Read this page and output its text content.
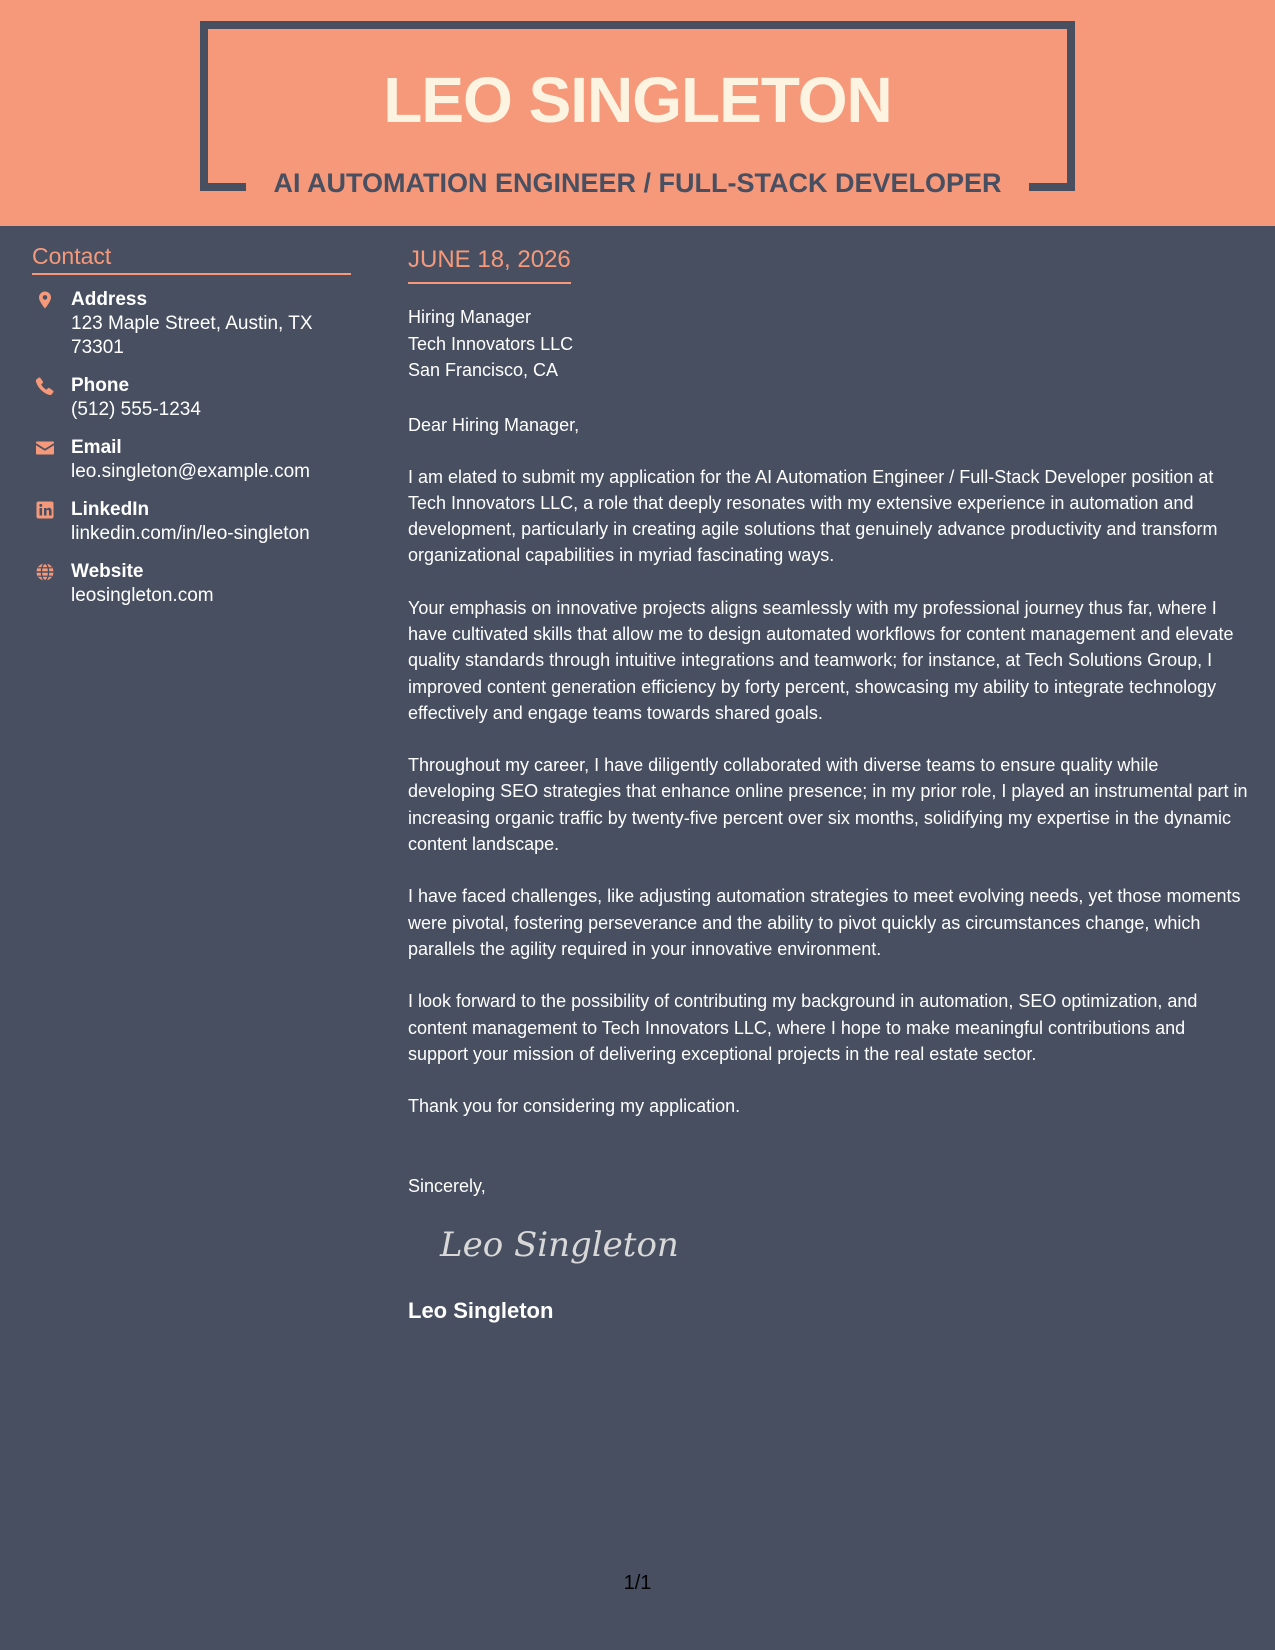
LEO SINGLETON
AI AUTOMATION ENGINEER / FULL-STACK DEVELOPER
Contact
Address
123 Maple Street, Austin, TX 73301
Phone
(512) 555-1234
Email
leo.singleton@example.com
LinkedIn
linkedin.com/in/leo-singleton
Website
leosingleton.com
JUNE 18, 2026
Hiring Manager
Tech Innovators LLC
San Francisco, CA
Dear Hiring Manager,
I am elated to submit my application for the AI Automation Engineer / Full-Stack Developer position at Tech Innovators LLC, a role that deeply resonates with my extensive experience in automation and development, particularly in creating agile solutions that genuinely advance productivity and transform organizational capabilities in myriad fascinating ways.
Your emphasis on innovative projects aligns seamlessly with my professional journey thus far, where I have cultivated skills that allow me to design automated workflows for content management and elevate quality standards through intuitive integrations and teamwork; for instance, at Tech Solutions Group, I improved content generation efficiency by forty percent, showcasing my ability to integrate technology effectively and engage teams towards shared goals.
Throughout my career, I have diligently collaborated with diverse teams to ensure quality while developing SEO strategies that enhance online presence; in my prior role, I played an instrumental part in increasing organic traffic by twenty-five percent over six months, solidifying my expertise in the dynamic content landscape.
I have faced challenges, like adjusting automation strategies to meet evolving needs, yet those moments were pivotal, fostering perseverance and the ability to pivot quickly as circumstances change, which parallels the agility required in your innovative environment.
I look forward to the possibility of contributing my background in automation, SEO optimization, and content management to Tech Innovators LLC, where I hope to make meaningful contributions and support your mission of delivering exceptional projects in the real estate sector.
Thank you for considering my application.
Sincerely,
Leo Singleton
Leo Singleton
1/1
